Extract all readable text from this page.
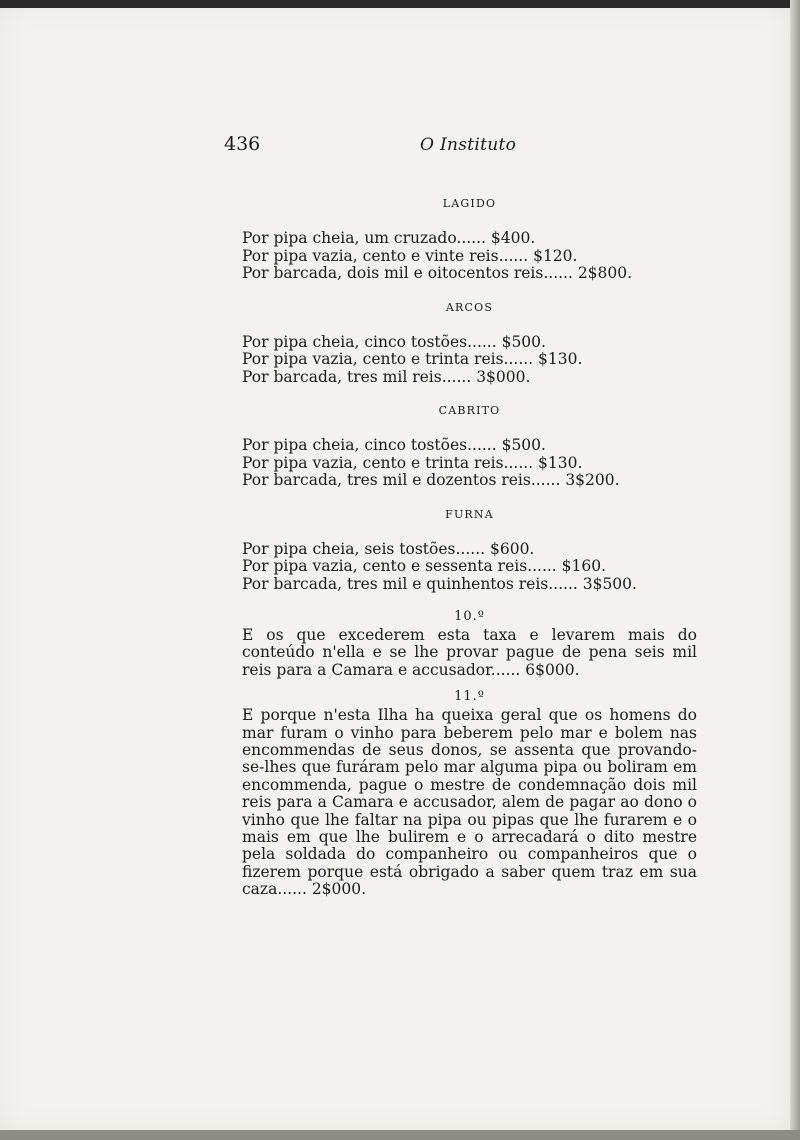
436	O Instituto

LAGIDO

Por pipa cheia, um cruzado...... $400.
Por pipa vazia, cento e vinte reis...... $120.
Por barcada, dois mil e oitocentos reis...... 2$800.

ARCOS

Por pipa cheia, cinco tostões...... $500.
Por pipa vazia, cento e trinta reis...... $130.
Por barcada, tres mil reis...... 3$000.

CABRITO

Por pipa cheia, cinco tostões...... $500.
Por pipa vazia, cento e trinta reis...... $130.
Por barcada, tres mil e dozentos reis...... 3$200.

FURNA

Por pipa cheia, seis tostões...... $600.
Por pipa vazia, cento e sessenta reis...... $160.
Por barcada, tres mil e quinhentos reis...... 3$500.

10.º

E os que excederem esta taxa e levarem mais do conteúdo n'ella e se lhe provar pague de pena seis mil reis para a Camara e accusador...... 6$000.

11.º

E porque n'esta Ilha ha queixa geral que os homens do mar furam o vinho para beberem pelo mar e bolem nas encommendas de seus donos, se assenta que provando-se-lhes que furáram pelo mar alguma pipa ou boliram em encommenda, pague o mestre de condemnação dois mil reis para a Camara e accusador, alem de pagar ao dono o vinho que lhe faltar na pipa ou pipas que lhe furarem e o mais em que lhe bulirem e o arrecadará o dito mestre pela soldada do companheiro ou companheiros que o fizerem porque está obrigado a saber quem traz em sua caza...... 2$000.
